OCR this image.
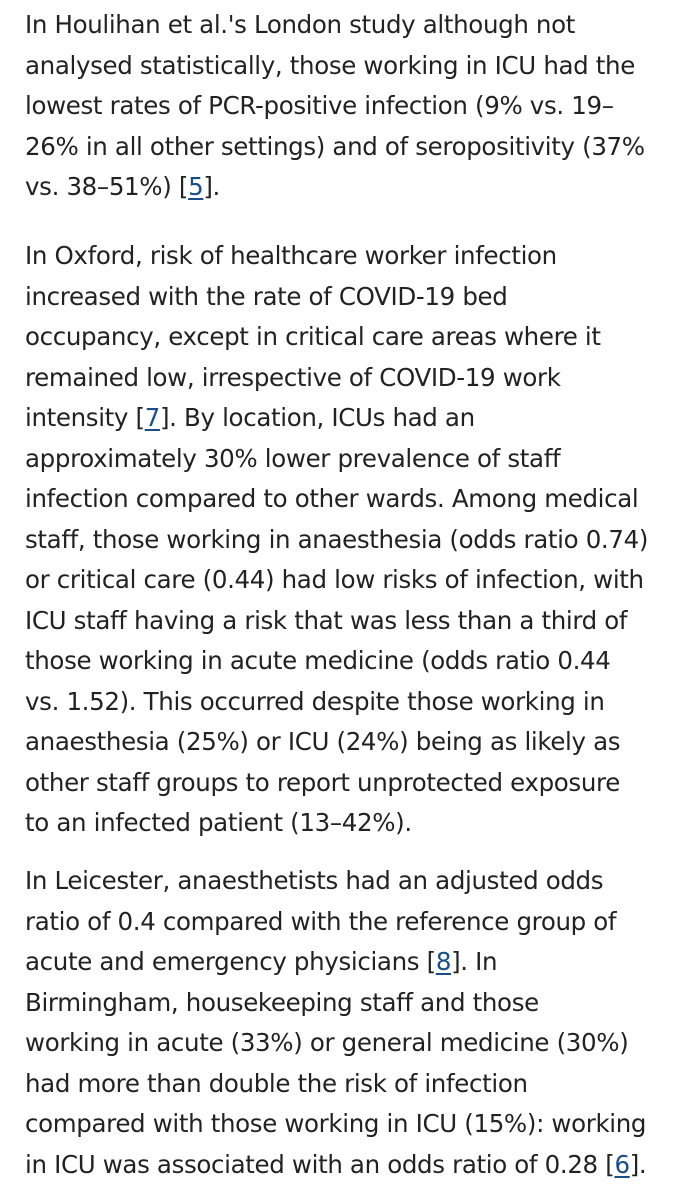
In Houlihan et al.'s London study although not
analysed statistically, those working in ICU had the
lowest rates of PCR-positive infection (9% vs. 19–
26% in all other settings) and of seropositivity (37%
vs. 38–51%) [5].

In Oxford, risk of healthcare worker infection
increased with the rate of COVID-19 bed
occupancy, except in critical care areas where it
remained low, irrespective of COVID-19 work
intensity [7]. By location, ICUs had an
approximately 30% lower prevalence of staff
infection compared to other wards. Among medical
staff, those working in anaesthesia (odds ratio 0.74)
or critical care (0.44) had low risks of infection, with
ICU staff having a risk that was less than a third of
those working in acute medicine (odds ratio 0.44
vs. 1.52). This occurred despite those working in
anaesthesia (25%) or ICU (24%) being as likely as
other staff groups to report unprotected exposure
to an infected patient (13–42%).

In Leicester, anaesthetists had an adjusted odds
ratio of 0.4 compared with the reference group of
acute and emergency physicians [8]. In
Birmingham, housekeeping staff and those
working in acute (33%) or general medicine (30%)
had more than double the risk of infection
compared with those working in ICU (15%): working
in ICU was associated with an odds ratio of 0.28 [6].
